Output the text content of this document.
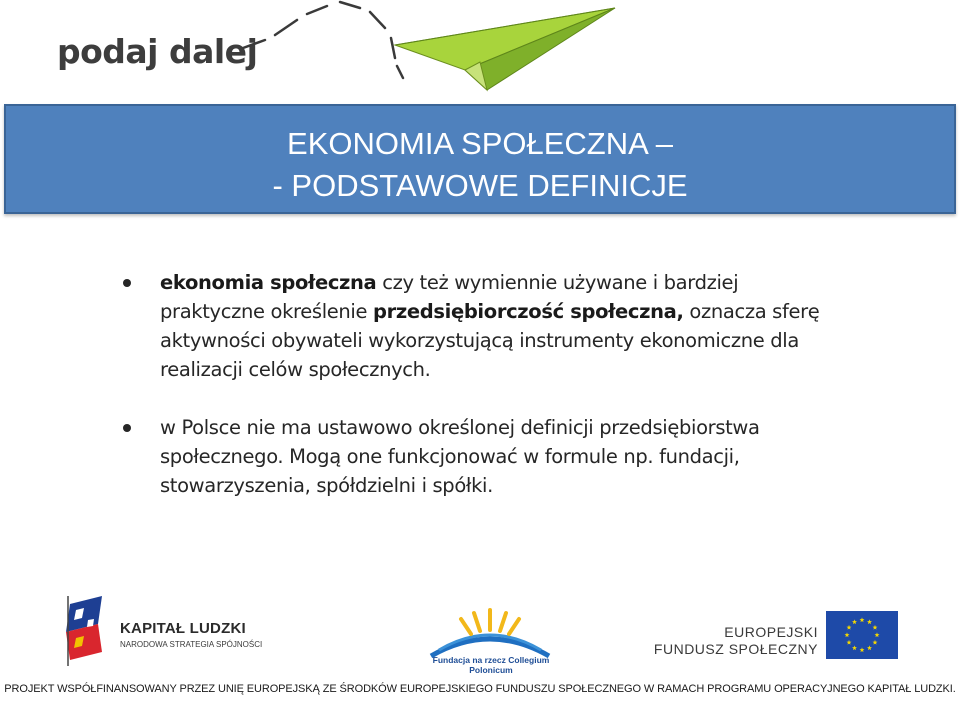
podaj dalej

EKONOMIA SPOŁECZNA –

- PODSTAWOWE DEFINICJE

ekonomia społeczna czy też wymiennie używane i bardziej praktyczne określenie przedsiębiorczość społeczna, oznacza sferę aktywności obywateli wykorzystującą instrumenty ekonomiczne dla realizacji celów społecznych.
w Polsce nie ma ustawowo określonej definicji przedsiębiorstwa społecznego. Mogą one funkcjonować w formule np. fundacji, stowarzyszenia, spółdzielni i spółki.
KAPITAŁ LUDZKI
NARODOWA STRATEGIA SPÓJNOŚCI
Fundacja na rzecz Collegium Polonicum
EUROPEJSKI
FUNDUSZ SPOŁECZNY
PROJEKT WSPÓŁFINANSOWANY PRZEZ UNIĘ EUROPEJSKĄ ZE ŚRODKÓW EUROPEJSKIEGO FUNDUSZU SPOŁECZNEGO W RAMACH PROGRAMU OPERACYJNEGO KAPITAŁ LUDZKI.
